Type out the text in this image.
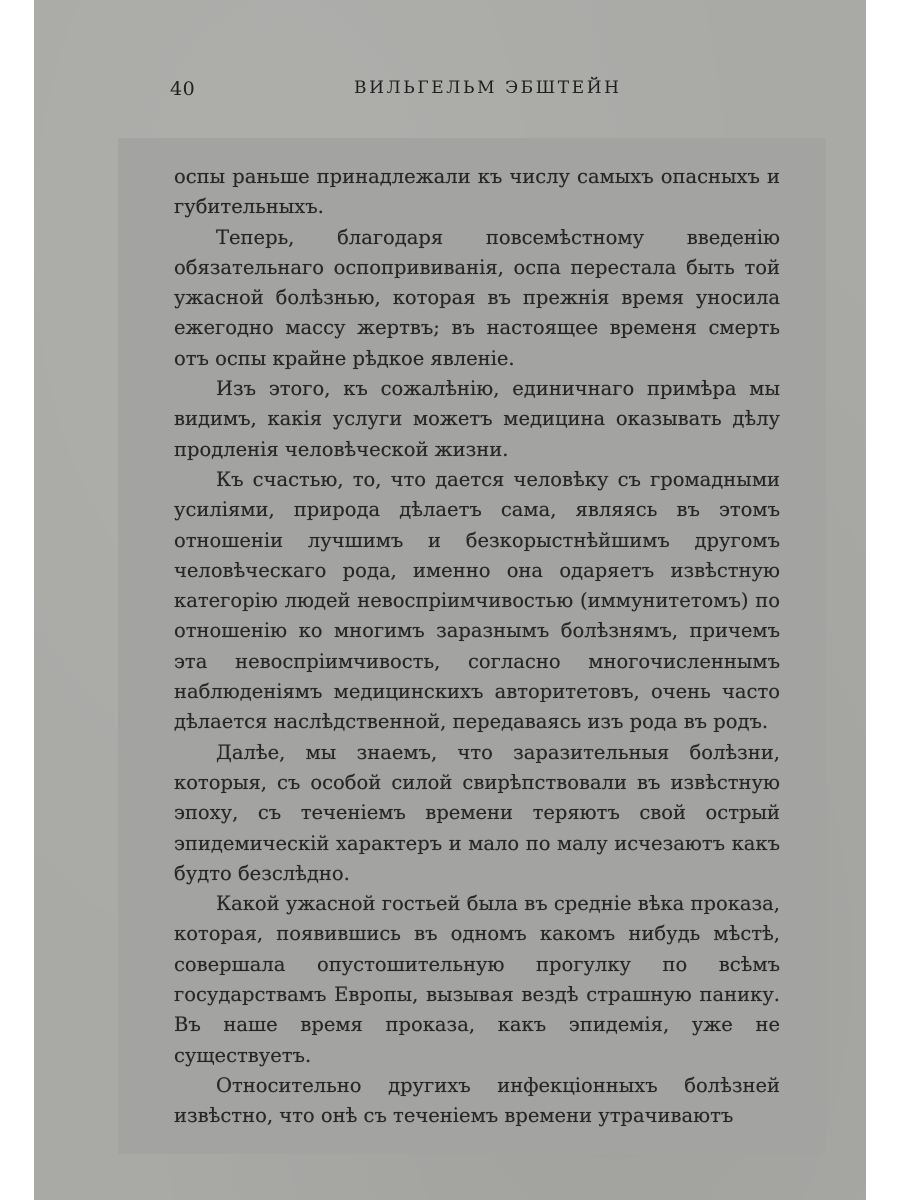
40	ВИЛЬГЕЛЬМ ЭБШТЕЙН

оспы раньше принадлежали къ числу самыхъ опасныхъ и губительныхъ.

Теперь, благодаря повсемѣстному введенію обязательнаго оспопрививанія, оспа перестала быть той ужасной болѣзнью, которая въ прежнія время уносила ежегодно массу жертвъ; въ настоящее временя смерть отъ оспы крайне рѣдкое явленіе.

Изъ этого, къ сожалѣнію, единичнаго примѣра мы видимъ, какія услуги можетъ медицина оказывать дѣлу продленія человѣческой жизни.

Къ счастью, то, что дается человѣку съ громадными усиліями, природа дѣлаетъ сама, являясь въ этомъ отношеніи лучшимъ и безкорыстнѣйшимъ другомъ человѣческаго рода, именно она одаряетъ извѣстную категорію людей невоспріимчивостью (иммунитетомъ) по отношенію ко многимъ заразнымъ болѣзнямъ, причемъ эта невоспріимчивость, согласно многочисленнымъ наблюденіямъ медицинскихъ авторитетовъ, очень часто дѣлается наслѣдственной, передаваясь изъ рода въ родъ.

Далѣе, мы знаемъ, что заразительныя болѣзни, которыя, съ особой силой свирѣпствовали въ извѣстную эпоху, съ теченіемъ времени теряютъ свой острый эпидемическій характеръ и мало по малу исчезаютъ какъ будто безслѣдно.

Какой ужасной гостьей была въ средніе вѣка проказа, которая, появившись въ одномъ какомъ нибудь мѣстѣ, совершала опустошительную прогулку по всѣмъ государствамъ Европы, вызывая вездѣ страшную панику. Въ наше время проказа, какъ эпидемія, уже не существуетъ.

Относительно другихъ инфекціонныхъ болѣзней извѣстно, что онѣ съ теченіемъ времени утрачиваютъ
